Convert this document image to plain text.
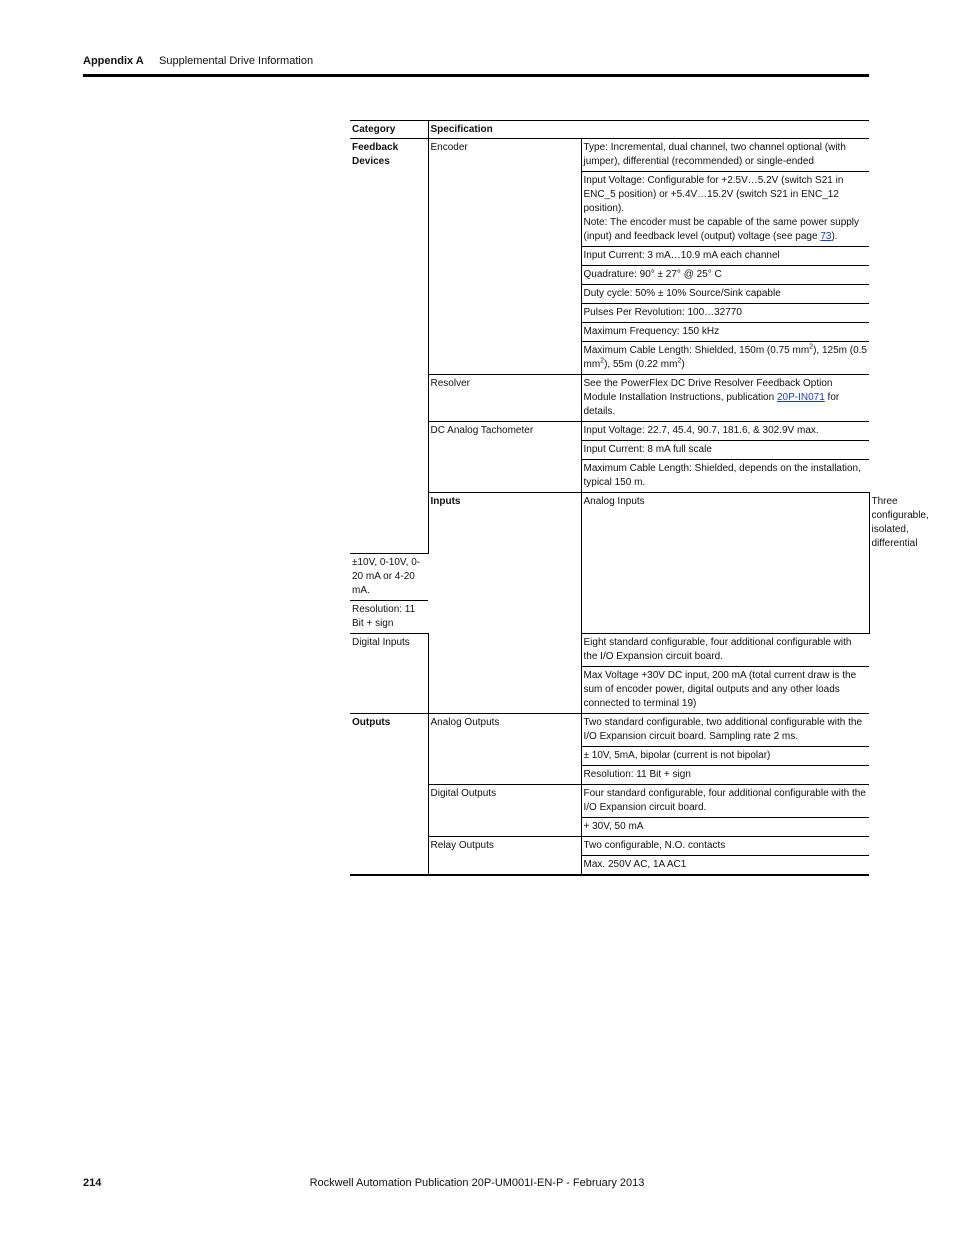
Appendix A Supplemental Drive Information
Category	Specification		
Feedback Devices	Encoder	Type: Incremental, dual channel, two channel optional (with jumper), differential (recommended) or single-ended	
		Input Voltage: Configurable for +2.5V…5.2V (switch S21 in ENC_5 position) or +5.4V…15.2V (switch S21 in ENC_12 position).
Note: The encoder must be capable of the same power supply (input) and feedback level (output) voltage (see page 73).	
		Input Current: 3 mA…10.9 mA each channel	
		Quadrature: 90° ± 27° @ 25° C	
		Duty cycle: 50% ± 10% Source/Sink capable	
		Pulses Per Revolution: 100…32770	
		Maximum Frequency: 150 kHz	
		Maximum Cable Length: Shielded, 150m (0.75 $mm^2$), 125m (0.5 $mm^2$), 55m (0.22 $mm^2$)	
	Resolver	See the PowerFlex DC Drive Resolver Feedback Option Module Installation Instructions, publication 20P-IN071 for details.	
	DC Analog Tachometer	Input Voltage: 22.7, 45.4, 90.7, 181.6, & 302.9V max.	
		Input Current: 8 mA full scale	
		Maximum Cable Length: Shielded, depends on the installation, typical 150 m.	
	Inputs	Analog Inputs	Three configurable, isolated, differential
±10V, 0-10V, 0-20 mA or 4-20 mA.			
Resolution: 11 Bit + sign			
Digital Inputs		Eight standard configurable, four additional configurable with the I/O Expansion circuit board.	
		Max Voltage +30V DC input, 200 mA (total current draw is the sum of encoder power, digital outputs and any other loads connected to terminal 19)	
Outputs	Analog Outputs	Two standard configurable, two additional configurable with the I/O Expansion circuit board. Sampling rate 2 ms.	
		± 10V, 5mA, bipolar (current is not bipolar)	
		Resolution: 11 Bit + sign	
	Digital Outputs	Four standard configurable, four additional configurable with the I/O Expansion circuit board.	
		+ 30V, 50 mA	
	Relay Outputs	Two configurable, N.O. contacts	
		Max. 250V AC, 1A AC1	
214	Rockwell Automation Publication 20P-UM001I-EN-P - February 2013
